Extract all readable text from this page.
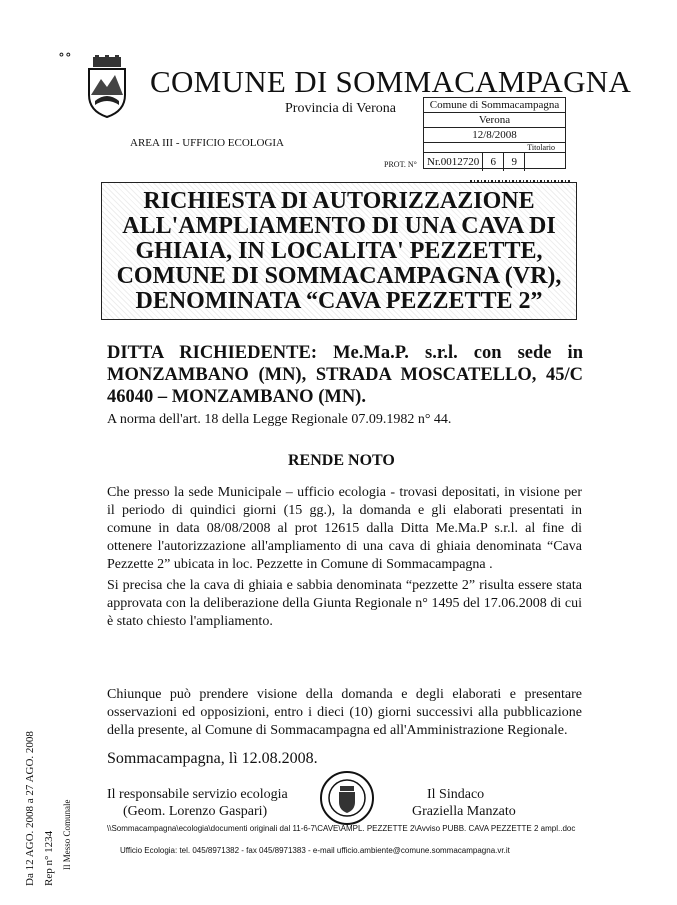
∘∘
COMUNE DI SOMMACAMPAGNA
Provincia di Verona
AREA III - UFFICIO ECOLOGIA
PROT. N°
Comune di Sommacampagna
Verona
12/8/2008
Titolario
Nr.0012720	6	9
RICHIESTA DI AUTORIZZAZIONE
ALL'AMPLIAMENTO DI UNA CAVA DI
GHIAIA, IN LOCALITA' PEZZETTE,
COMUNE DI SOMMACAMPAGNA (VR),
DENOMINATA “CAVA PEZZETTE 2”
DITTA RICHIEDENTE: Me.Ma.P. s.r.l. con sede in MONZAMBANO (MN), STRADA MOSCATELLO, 45/C 46040 – MONZAMBANO (MN).
A norma dell'art. 18 della Legge Regionale 07.09.1982 n° 44.
RENDE NOTO
Che presso la sede Municipale – ufficio ecologia - trovasi depositati, in visione per il periodo di quindici giorni (15 gg.), la domanda e gli elaborati presentati in comune in data 08/08/2008 al prot 12615 dalla Ditta Me.Ma.P s.r.l. al fine di ottenere l'autorizzazione all'ampliamento di una cava di ghiaia denominata “Cava Pezzette 2” ubicata in loc. Pezzette in Comune di Sommacampagna .
Si precisa che la cava di ghiaia e sabbia denominata “pezzette 2” risulta essere stata approvata con la deliberazione della Giunta Regionale n° 1495 del 17.06.2008 di cui è stato chiesto l'ampliamento.
Chiunque può prendere visione della domanda e degli elaborati e presentare osservazioni ed opposizioni, entro i dieci (10) giorni successivi alla pubblicazione della presente, al Comune di Sommacampagna ed all'Amministrazione Regionale.
Sommacampagna, lì 12.08.2008.
Il responsabile servizio ecologia
(Geom. Lorenzo Gaspari)
Il Sindaco
Graziella Manzato
\\Sommacampagna\ecologia\documenti originali dal 11-6-7\CAVE\AMPL. PEZZETTE 2\Avviso PUBB. CAVA PEZZETTE 2 ampl..doc
Ufficio Ecologia: tel. 045/8971382 - fax 045/8971383 - e-mail ufficio.ambiente@comune.sommacampagna.vr.it
Da 12 AGO. 2008 a 27 AGO. 2008 Rep n° 1234 Il Messo Comunale
